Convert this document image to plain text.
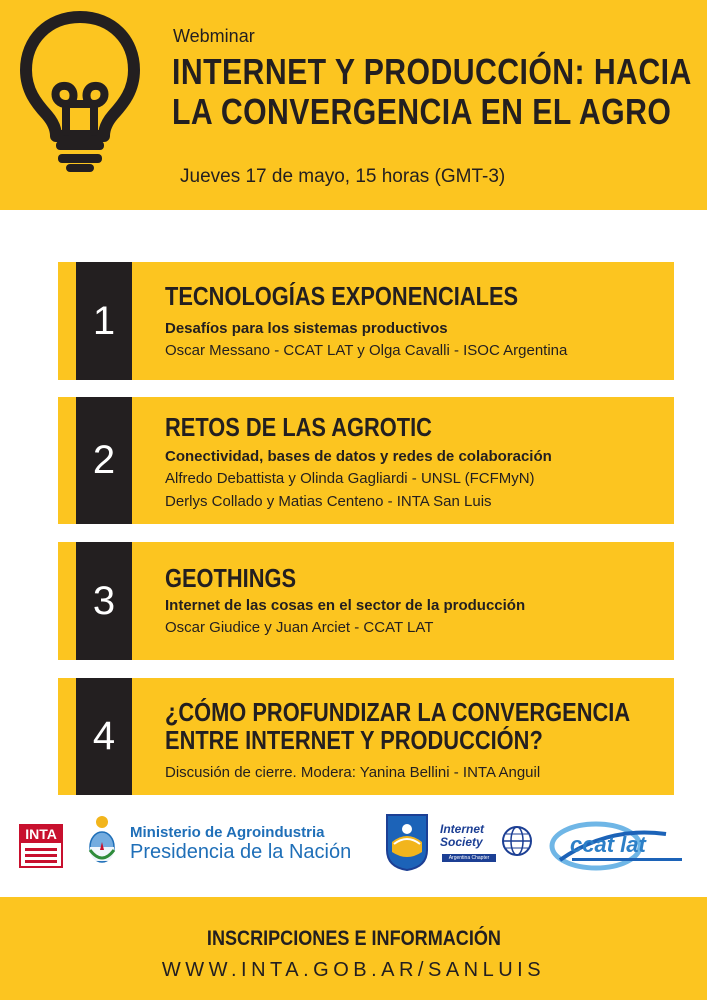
Webminar
INTERNET Y PRODUCCIÓN: HACIA
LA CONVERGENCIA EN EL AGRO
Jueves 17 de mayo, 15 horas (GMT-3)
1
TECNOLOGÍAS EXPONENCIALES
Desafíos para los sistemas productivos
Oscar Messano - CCAT LAT y Olga Cavalli - ISOC Argentina
2
RETOS DE LAS AGROTIC
Conectividad, bases de datos y redes de colaboración
Alfredo Debattista y Olinda Gagliardi - UNSL (FCFMyN)
Derlys Collado y Matias Centeno - INTA San Luis
3
GEOTHINGS
Internet de las cosas en el sector de la producción
Oscar Giudice y Juan Arciet - CCAT LAT
4
¿CÓMO PROFUNDIZAR LA CONVERGENCIA
ENTRE INTERNET Y PRODUCCIÓN?
Discusión de cierre. Modera: Yanina Bellini - INTA Anguil
INTA	Ministerio de Agroindustria
Presidencia de la Nación
Internet
Society
Argentina Chapter
ccat lat
INSCRIPCIONES E INFORMACIÓN
WWW.INTA.GOB.AR/SANLUIS
